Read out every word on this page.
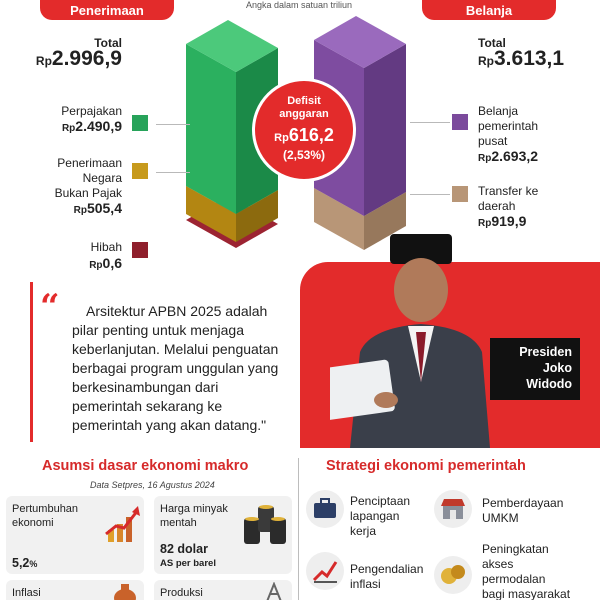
Penerimaan	Belanja
Angka dalam satuan triliun
Defisit
anggaran
Rp616,2
(2,53%)
Total
Rp2.996,9
Perpajakan
Rp2.490,9
Penerimaan
Negara
Bukan Pajak
Rp505,4
Hibah
Rp0,6
Total
Rp3.613,1
Belanja
pemerintah
pusat
Rp2.693,2
Transfer ke
daerah
Rp919,9
“ Arsitektur APBN 2025 adalah
pilar penting untuk menjaga
keberlanjutan. Melalui penguatan
berbagai program unggulan yang
berkesinambungan dari
pemerintah sekarang ke
pemerintah yang akan datang."
Presiden
Joko
Widodo
Asumsi dasar ekonomi makro
Data Setpres, 16 Agustus 2024
Pertumbuhan
ekonomi
5,2%
Harga minyak
mentah
82 dolar
AS per barel
Inflasi	Produksi
Strategi ekonomi pemerintah
Penciptaan
lapangan
kerja
Pemberdayaan
UMKM
Pengendalian
inflasi
Peningkatan
akses
permodalan
bagi masyarakat
